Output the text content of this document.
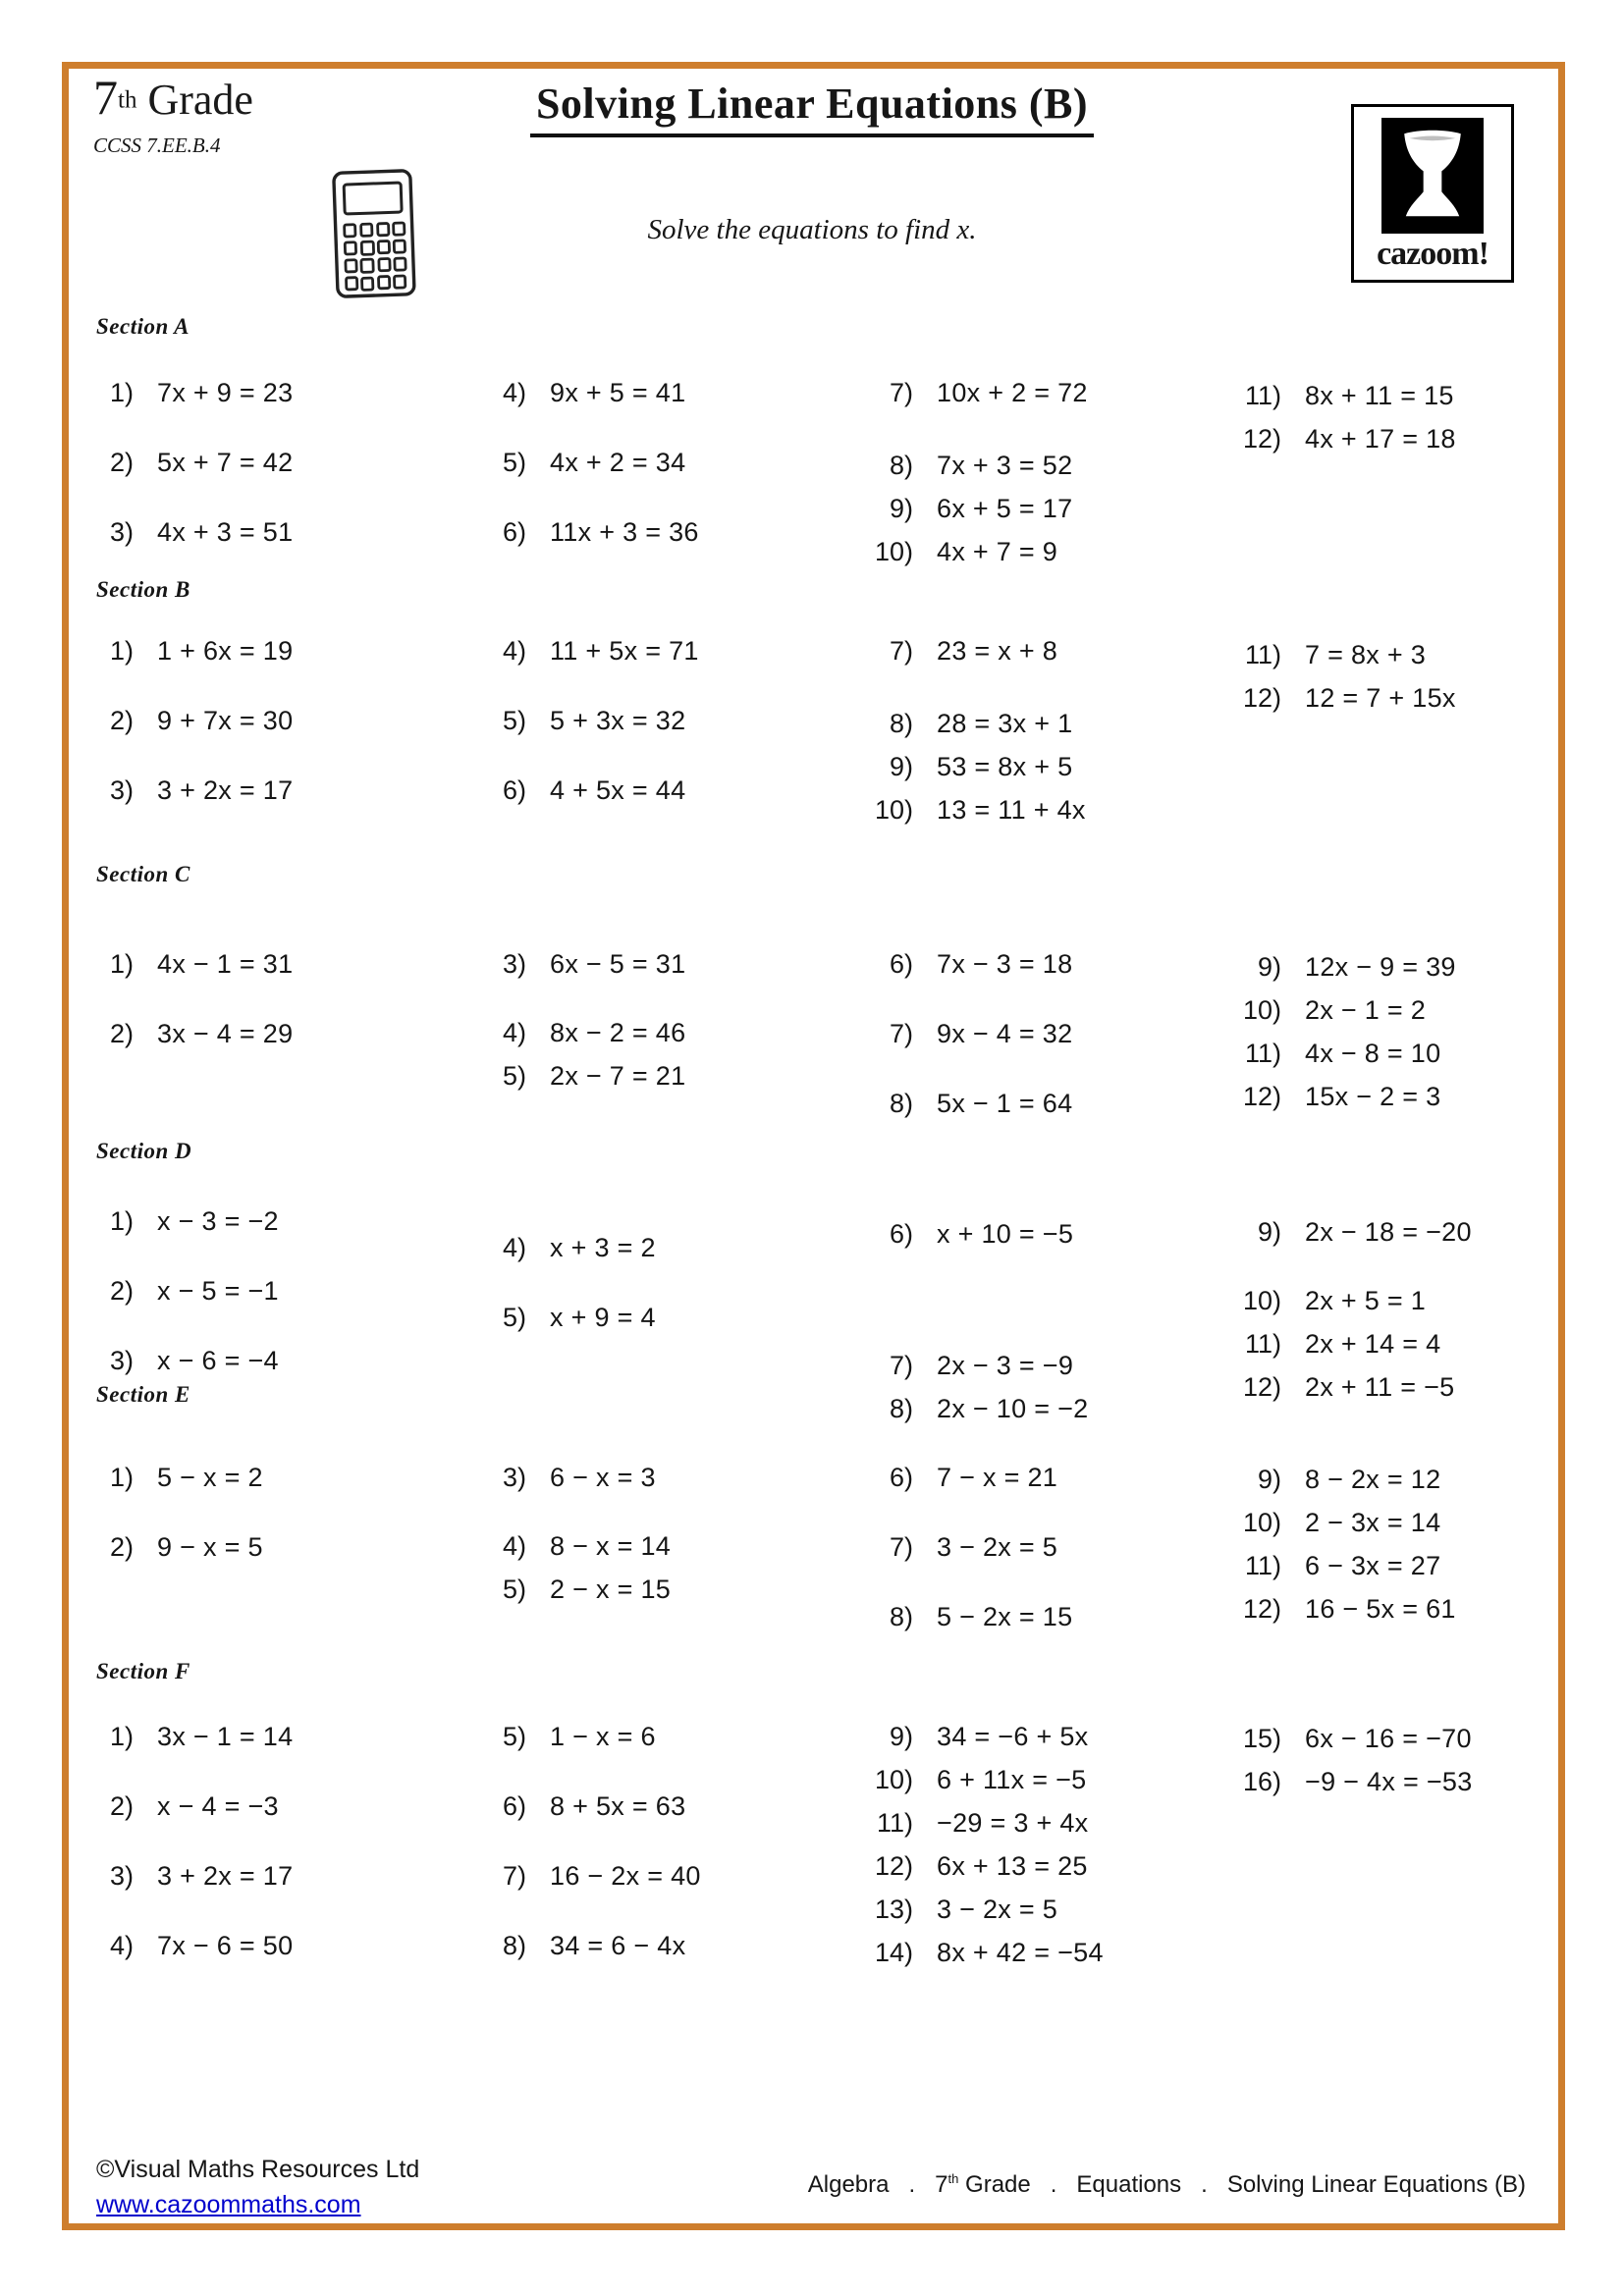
7th Grade
CCSS 7.EE.B.4
Solving Linear Equations (B)
Solve the equations to find x.
cazoom!
Section A
1) 7x + 9 = 23
2) 5x + 7 = 42
3) 4x + 3 = 51
4) 9x + 5 = 41
5) 4x + 2 = 34
6) 11x + 3 = 36
7) 10x + 2 = 72
8) 7x + 3 = 52
9) 6x + 5 = 17
10) 4x + 7 = 9
11) 8x + 11 = 15
12) 4x + 17 = 18
Section B
1) 1 + 6x = 19
2) 9 + 7x = 30
3) 3 + 2x = 17
4) 11 + 5x = 71
5) 5 + 3x = 32
6) 4 + 5x = 44
7) 23 = x + 8
8) 28 = 3x + 1
9) 53 = 8x + 5
10) 13 = 11 + 4x
11) 7 = 8x + 3
12) 12 = 7 + 15x
Section C
1) 4x − 1 = 31
2) 3x − 4 = 29
3) 6x − 5 = 31
4) 8x − 2 = 46
5) 2x − 7 = 21
6) 7x − 3 = 18
7) 9x − 4 = 32
8) 5x − 1 = 64
9) 12x − 9 = 39
10) 2x − 1 = 2
11) 4x − 8 = 10
12) 15x − 2 = 3
Section D
1) x − 3 = −2
2) x − 5 = −1
3) x − 6 = −4
4) x + 3 = 2
5) x + 9 = 4
6) x + 10 = −5
7) 2x − 3 = −9
8) 2x − 10 = −2
9) 2x − 18 = −20
10) 2x + 5 = 1
11) 2x + 14 = 4
12) 2x + 11 = −5
Section E
1) 5 − x = 2
2) 9 − x = 5
3) 6 − x = 3
4) 8 − x = 14
5) 2 − x = 15
6) 7 − x = 21
7) 3 − 2x = 5
8) 5 − 2x = 15
9) 8 − 2x = 12
10) 2 − 3x = 14
11) 6 − 3x = 27
12) 16 − 5x = 61
Section F
1) 3x − 1 = 14
2) x − 4 = −3
3) 3 + 2x = 17
4) 7x − 6 = 50
5) 1 − x = 6
6) 8 + 5x = 63
7) 16 − 2x = 40
8) 34 = 6 − 4x
9) 34 = −6 + 5x
10) 6 + 11x = −5
11) −29 = 3 + 4x
12) 6x + 13 = 25
13) 3 − 2x = 5
14) 8x + 42 = −54
15) 6x − 16 = −70
16) −9 − 4x = −53
©Visual Maths Resources Ltd
www.cazoommaths.com
Algebra . 7th Grade . Equations . Solving Linear Equations (B)
